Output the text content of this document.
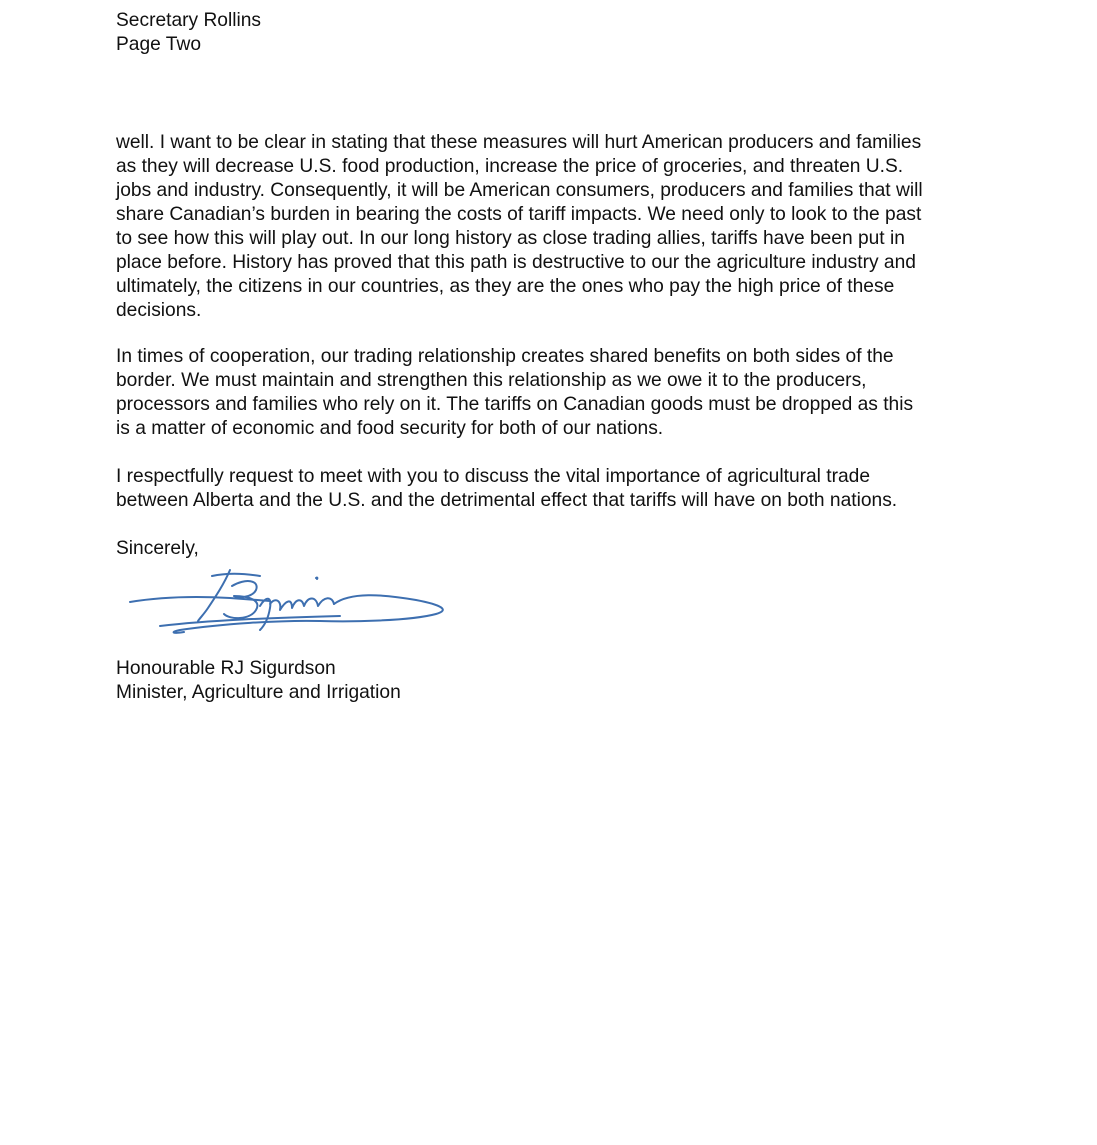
Secretary Rollins
Page Two
well. I want to be clear in stating that these measures will hurt American producers and families
as they will decrease U.S. food production, increase the price of groceries, and threaten U.S.
jobs and industry. Consequently, it will be American consumers, producers and families that will
share Canadian’s burden in bearing the costs of tariff impacts. We need only to look to the past
to see how this will play out. In our long history as close trading allies, tariffs have been put in
place before. History has proved that this path is destructive to our the agriculture industry and
ultimately, the citizens in our countries, as they are the ones who pay the high price of these
decisions.
In times of cooperation, our trading relationship creates shared benefits on both sides of the
border. We must maintain and strengthen this relationship as we owe it to the producers,
processors and families who rely on it. The tariffs on Canadian goods must be dropped as this
is a matter of economic and food security for both of our nations.
I respectfully request to meet with you to discuss the vital importance of agricultural trade
between Alberta and the U.S. and the detrimental effect that tariffs will have on both nations.
Sincerely,
Honourable RJ Sigurdson
Minister, Agriculture and Irrigation
